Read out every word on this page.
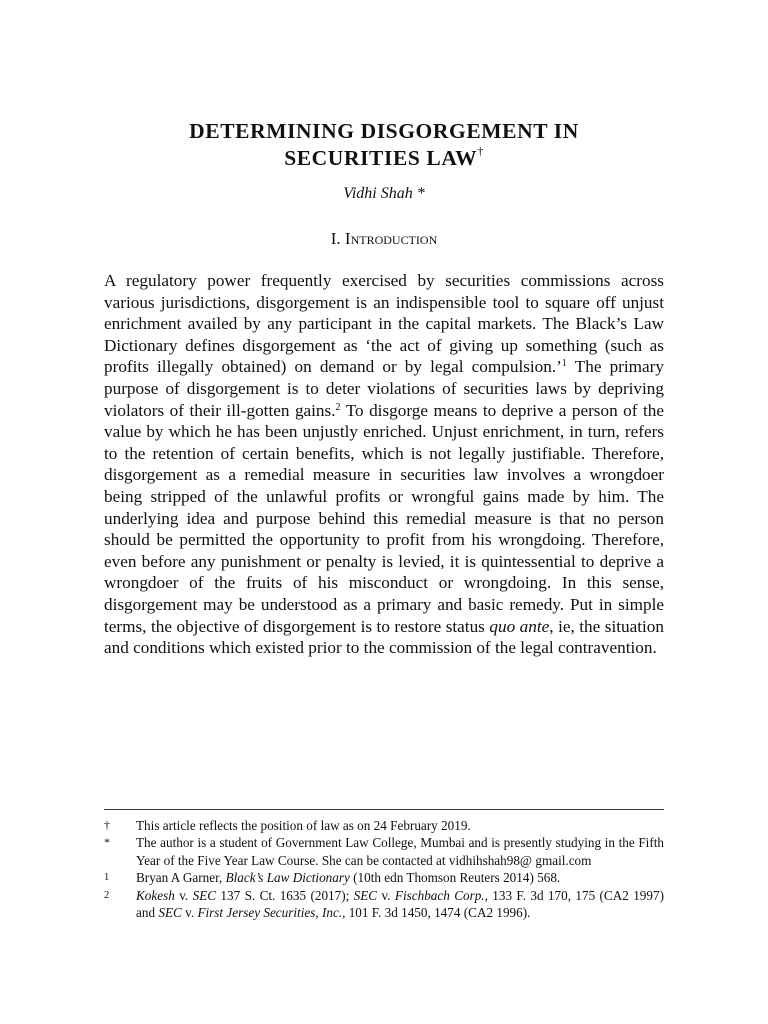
DETERMINING DISGORGEMENT IN
SECURITIES LAW†
Vidhi Shah *
I. Introduction

A regulatory power frequently exercised by securities commissions across various jurisdictions, disgorgement is an indispensible tool to square off unjust enrichment availed by any participant in the capital markets. The Black’s Law Dictionary defines disgorgement as ‘the act of giving up something (such as profits illegally obtained) on demand or by legal compulsion.’$^1$ The primary purpose of disgorgement is to deter violations of securities laws by depriving violators of their ill-gotten gains.$^2$ To disgorge means to deprive a person of the value by which he has been unjustly enriched. Unjust enrichment, in turn, refers to the retention of certain benefits, which is not legally justifiable. Therefore, disgorgement as a remedial measure in securities law involves a wrongdoer being stripped of the unlawful profits or wrongful gains made by him. The underlying idea and purpose behind this remedial measure is that no person should be permitted the opportunity to profit from his wrongdoing. Therefore, even before any punishment or penalty is levied, it is quintessential to deprive a wrongdoer of the fruits of his misconduct or wrongdoing. In this sense, disgorgement may be understood as a primary and basic remedy. Put in simple terms, the objective of disgorgement is to restore status quo ante, ie, the situation and conditions which existed prior to the commission of the legal contravention.

† This article reflects the position of law as on 24 February 2019.
* The author is a student of Government Law College, Mumbai and is presently studying in the Fifth Year of the Five Year Law Course. She can be contacted at vidhihshah98@ gmail.com
1 Bryan A Garner, Black’s Law Dictionary (10th edn Thomson Reuters 2014) 568.
2 Kokesh v. SEC 137 S. Ct. 1635 (2017); SEC v. Fischbach Corp., 133 F. 3d 170, 175 (CA2 1997) and SEC v. First Jersey Securities, Inc., 101 F. 3d 1450, 1474 (CA2 1996).
